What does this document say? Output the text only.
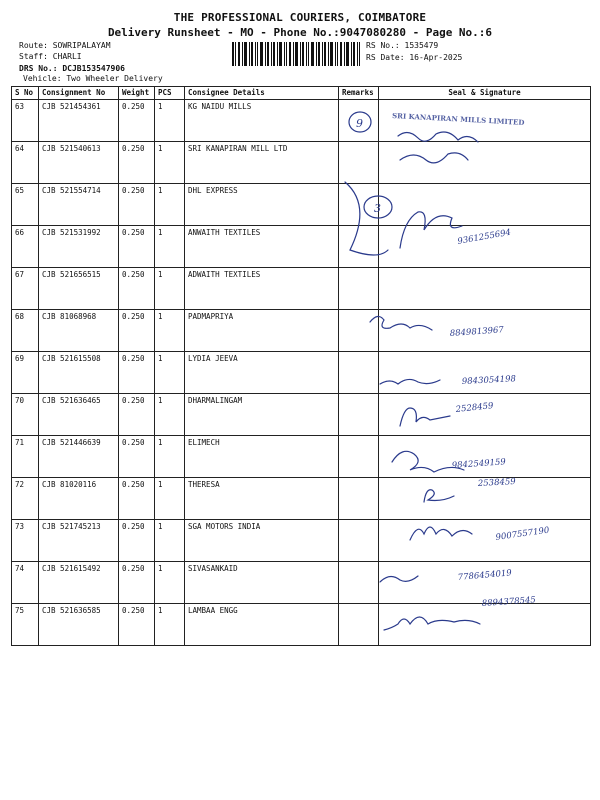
THE PROFESSIONAL COURIERS, COIMBATORE
Delivery Runsheet - MO - Phone No.:9047080280 - Page No.:6
Route: SOWRIPALAYAM
Staff: CHARLI
DRS No.: DCJB153547906
Vehicle: Two Wheeler Delivery
RS No.: 1535479
RS Date: 16-Apr-2025
S No	Consignment No	Weight	PCS	Consignee Details	Remarks	Seal & Signature
63	CJB 521454361	0.250	1	KG NAIDU MILLS		
64	CJB 521540613	0.250	1	SRI KANAPIRAN MILL LTD		
65	CJB 521554714	0.250	1	DHL EXPRESS		
66	CJB 521531992	0.250	1	ANWAITH TEXTILES		
67	CJB 521656515	0.250	1	ADWAITH TEXTILES		
68	CJB 81068968	0.250	1	PADMAPRIYA		
69	CJB 521615508	0.250	1	LYDIA JEEVA		
70	CJB 521636465	0.250	1	DHARMALINGAM		
71	CJB 521446639	0.250	1	ELIMECH		
72	CJB 81020116	0.250	1	THERESA		
73	CJB 521745213	0.250	1	SGA MOTORS INDIA		
74	CJB 521615492	0.250	1	SIVASANKAID		
75	CJB 521636585	0.250	1	LAMBAA ENGG		
9
3
SRI KANAPIRAN MILLS LIMITED
9361255694
8849813967
9843054198
2528459
9842549159
2538459
9007557190
7786454019
8894378545
